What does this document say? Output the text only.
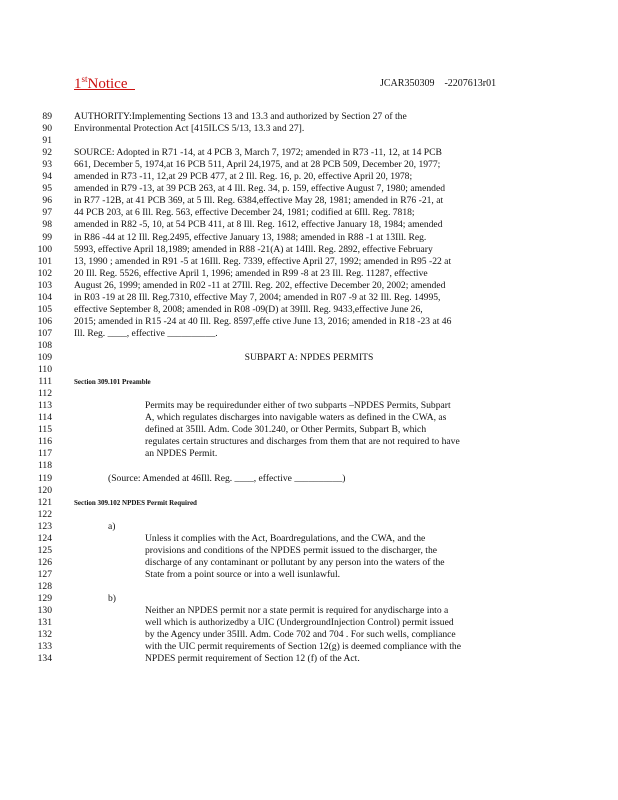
1stNotice	JCAR350309    -2207613r01
89 AUTHORITY:Implementing Sections 13 and 13.3 and authorized by Section 27 of the
90 Environmental Protection Act [415ILCS 5/13, 13.3 and 27].
91
92 SOURCE: Adopted in R71 -14, at 4 PCB 3, March 7, 1972; amended in R73 -11, 12, at 14 PCB
93 661, December 5, 1974,at 16 PCB 511, April 24,1975, and at 28 PCB 509, December 20, 1977;
94 amended in R73 -11, 12,at 29 PCB 477, at 2 Ill. Reg. 16, p. 20, effective April 20, 1978;
95 amended in R79 -13, at 39 PCB 263, at 4 Ill. Reg. 34, p. 159, effective August 7, 1980; amended
96 in R77 -12B, at 41 PCB 369, at 5 Ill. Reg. 6384,effective May 28, 1981; amended in R76 -21, at
97 44 PCB 203, at 6 Ill. Reg. 563, effective December 24, 1981; codified at 6Ill. Reg. 7818;
98 amended in R82 -5, 10, at 54 PCB 411, at 8 Ill. Reg. 1612, effective January 18, 1984; amended
99 in R86 -44 at 12 Ill. Reg.2495, effective January 13, 1988; amended in R88 -1 at 13Ill. Reg.
100 5993, effective April 18,1989; amended in R88 -21(A) at 14Ill. Reg. 2892, effective February
101 13, 1990 ; amended in R91 -5 at 16Ill. Reg. 7339, effective April 27, 1992; amended in R95 -22 at
102 20 Ill. Reg. 5526, effective April 1, 1996; amended in R99 -8 at 23 Ill. Reg. 11287, effective
103 August 26, 1999; amended in R02 -11 at 27Ill. Reg. 202, effective December 20, 2002; amended
104 in R03 -19 at 28 Ill. Reg.7310, effective May 7, 2004; amended in R07 -9 at 32 Ill. Reg. 14995,
105 effective September 8, 2008; amended in R08 -09(D) at 39Ill. Reg. 9433,effective June 26,
106 2015; amended in R15 -24 at 40 Ill. Reg. 8597,effe ctive June 13, 2016; amended in R18 -23 at 46
107 Ill. Reg. ____, effective __________.
108
109	SUBPART A: NPDES PERMITS
110
111	Section 309.101 Preamble
112
113	Permits may be requiredunder either of two subparts –NPDES Permits, Subpart
114	A, which regulates discharges into navigable waters as defined in the CWA, as
115	defined at 35Ill. Adm. Code 301.240, or Other Permits, Subpart B, which
116	regulates certain structures and discharges from them that are not required to have
117	an NPDES Permit.
118
119	(Source: Amended at 46Ill. Reg. ____, effective __________)
120
121	Section 309.102 NPDES Permit Required
122
123	a)
124	Unless it complies with the Act, Boardregulations, and the CWA, and the
125	provisions and conditions of the NPDES permit issued to the discharger, the
126	discharge of any contaminant or pollutant by any person into the waters of the
127	State from a point source or into a well isunlawful.
128
129	b)
130	Neither an NPDES permit nor a state permit is required for anydischarge into a
131	well which is authorizedby a UIC (UndergroundInjection Control) permit issued
132	by the Agency under 35Ill. Adm. Code 702 and 704 . For such wells, compliance
133	with the UIC permit requirements of Section 12(g) is deemed compliance with the
134	NPDES permit requirement of Section 12 (f) of the Act.
